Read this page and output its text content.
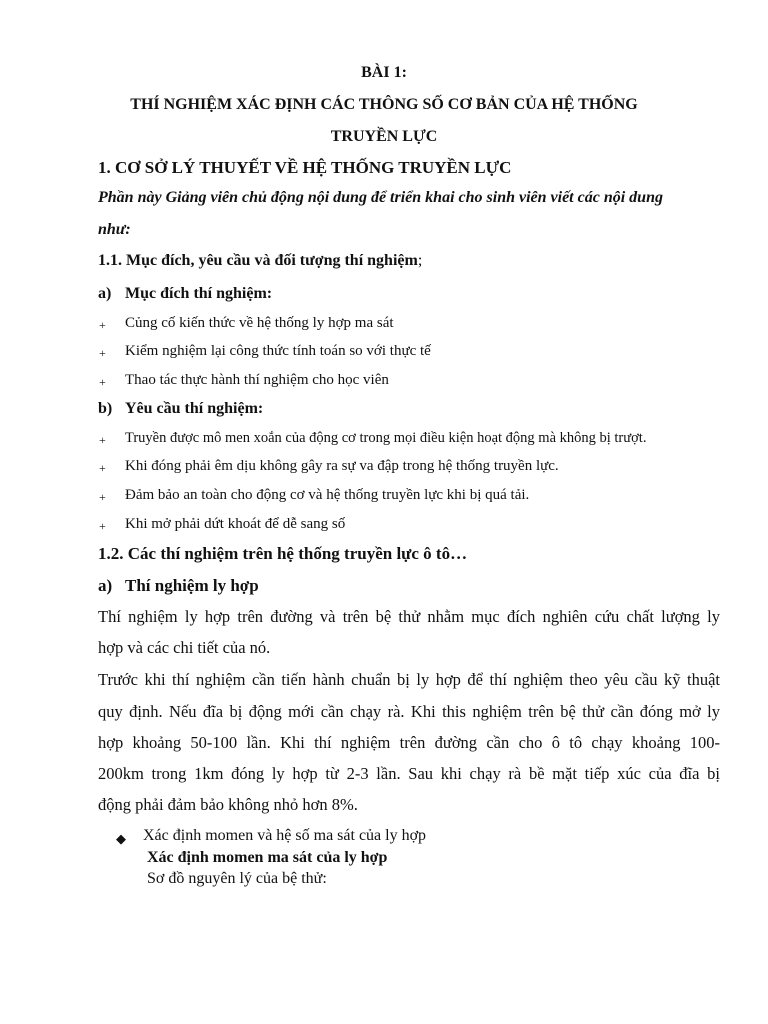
BÀI 1:
THÍ NGHIỆM XÁC ĐỊNH CÁC THÔNG SỐ CƠ BẢN CỦA HỆ THỐNG
TRUYỀN LỰC
1. CƠ SỞ LÝ THUYẾT VỀ HỆ THỐNG TRUYỀN LỰC
Phần này Giảng viên chủ động nội dung để triển khai cho sinh viên viết các nội dung
như:
1.1. Mục đích, yêu cầu và đối tượng thí nghiệm;
a) Mục đích thí nghiệm:
+ Củng cố kiến thức về hệ thống ly hợp ma sát
+ Kiểm nghiệm lại công thức tính toán so với thực tế
+ Thao tác thực hành thí nghiệm cho học viên
b) Yêu cầu thí nghiệm:
+ Truyền được mô men xoắn của động cơ trong mọi điều kiện hoạt động mà không bị trượt.
+ Khi đóng phải êm dịu không gây ra sự va đập trong hệ thống truyền lực.
+ Đảm bảo an toàn cho động cơ và hệ thống truyền lực khi bị quá tải.
+ Khi mở phải dứt khoát để dễ sang số
1.2. Các thí nghiệm trên hệ thống truyền lực ô tô…
a) Thí nghiệm ly hợp
Thí nghiệm ly hợp trên đường và trên bệ thử nhằm mục đích nghiên cứu chất lượng ly
hợp và các chi tiết của nó.
Trước khi thí nghiệm cần tiến hành chuẩn bị ly hợp để thí nghiệm theo yêu cầu kỹ thuật
quy định. Nếu đĩa bị động mới cần chạy rà. Khi this nghiệm trên bệ thử cần đóng mở ly
hợp khoảng 50-100 lần. Khi thí nghiệm trên đường cần cho ô tô chạy khoảng 100-
200km trong 1km đóng ly hợp từ 2-3 lần. Sau khi chạy rà bề mặt tiếp xúc của đĩa bị
động phải đảm bảo không nhỏ hơn 8%.
◆ Xác định momen và hệ số ma sát của ly hợp
Xác định momen ma sát của ly hợp
Sơ đồ nguyên lý của bệ thử:
